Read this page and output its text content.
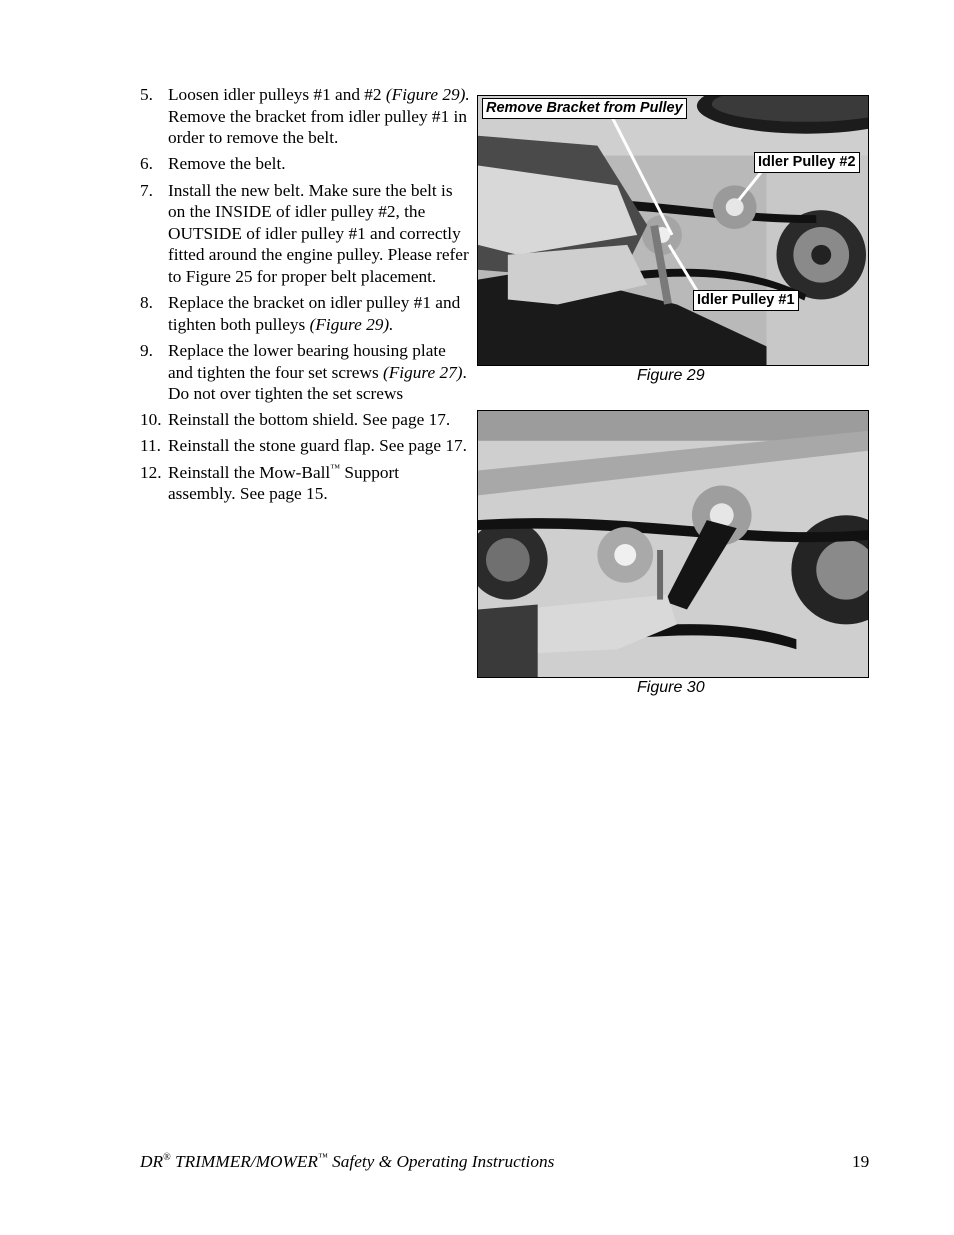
5. Loosen idler pulleys #1 and #2 (Figure 29). Remove the bracket from idler pulley #1 in order to remove the belt.
6. Remove the belt.
7. Install the new belt. Make sure the belt is on the INSIDE of idler pulley #2, the OUTSIDE of idler pulley #1 and correctly fitted around the engine pulley. Please refer to Figure 25 for proper belt placement.
8. Replace the bracket on idler pulley #1 and tighten both pulleys (Figure 29).
9. Replace the lower bearing housing plate and tighten the four set screws (Figure 27). Do not over tighten the set screws
10. Reinstall the bottom shield. See page 17.
11. Reinstall the stone guard flap. See page 17.
12. Reinstall the Mow-Ball™ Support assembly. See page 15.
Remove Bracket from Pulley
Idler Pulley #2
Idler Pulley #1
Figure 29
Figure 30
DR® TRIMMER/MOWER™ Safety & Operating Instructions	19
